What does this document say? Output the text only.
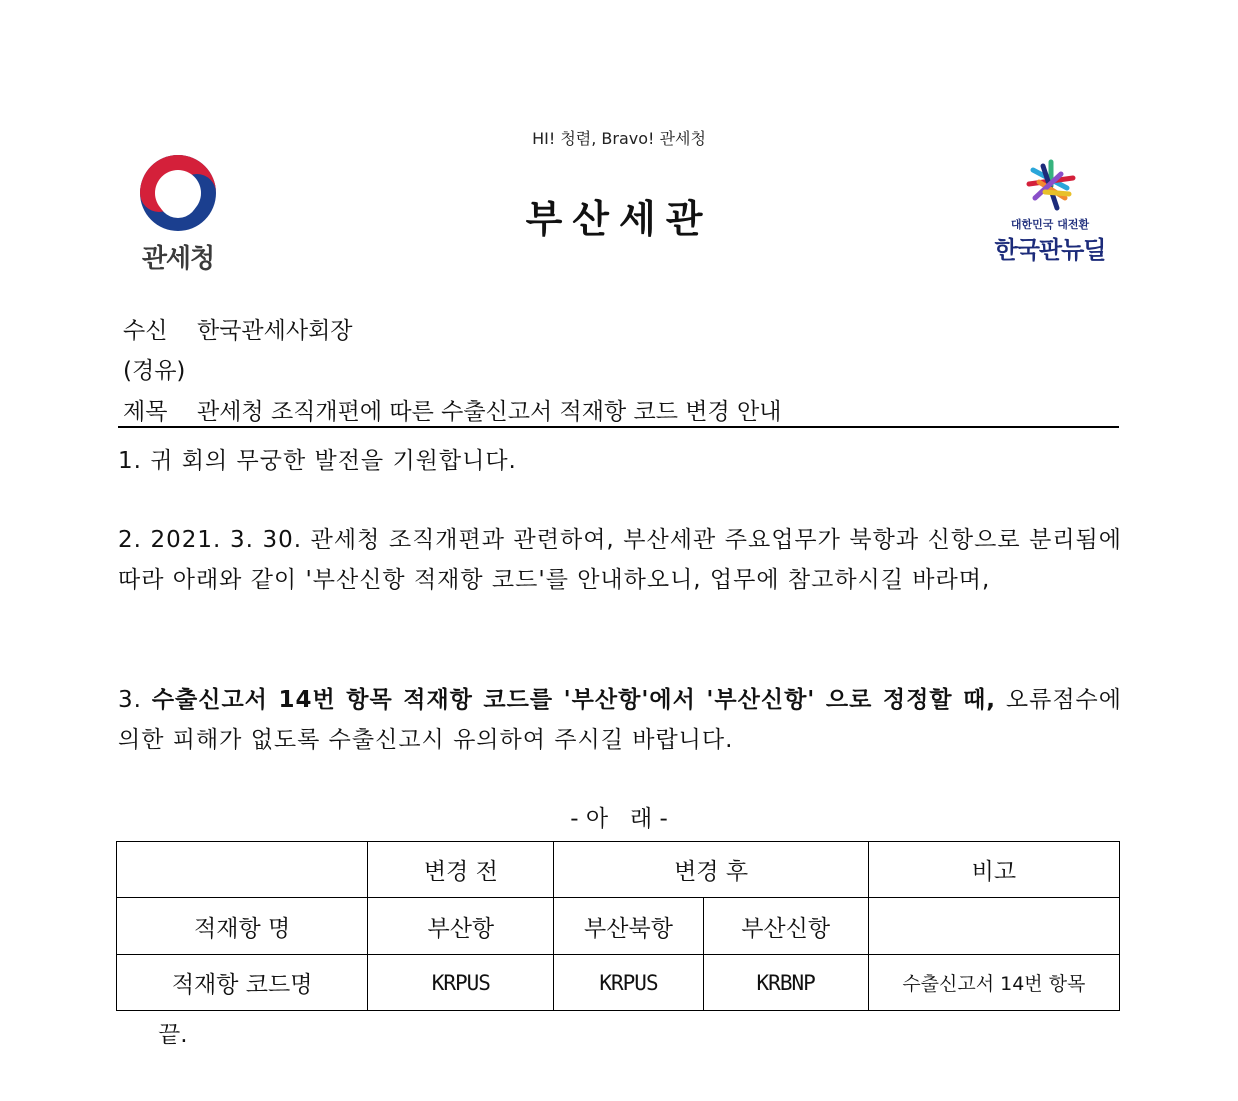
HI! 청렴, Bravo! 관세청
관세청
부산세관	대한민국 대전환
한국판뉴딜
수신 한국관세사회장
(경유)
제목 관세청 조직개편에 따른 수출신고서 적재항 코드 변경 안내
1. 귀 회의 무궁한 발전을 기원합니다.
2. 2021. 3. 30. 관세청 조직개편과 관련하여, 부산세관 주요업무가 북항과 신항으로 분리됨에 따라 아래와 같이 '부산신항 적재항 코드'를 안내하오니, 업무에 참고하시길 바라며,
3. 수출신고서 14번 항목 적재항 코드를 '부산항'에서 '부산신항' 으로 정정할 때, 오류점수에 의한 피해가 없도록 수출신고시 유의하여 주시길 바랍니다.
- 아   래 -
	변경 전	변경 후		비고
적재항 명	부산항	부산북항	부산신항	
적재항 코드명	KRPUS	KRPUS	KRBNP	수출신고서 14번 항목
끝.
